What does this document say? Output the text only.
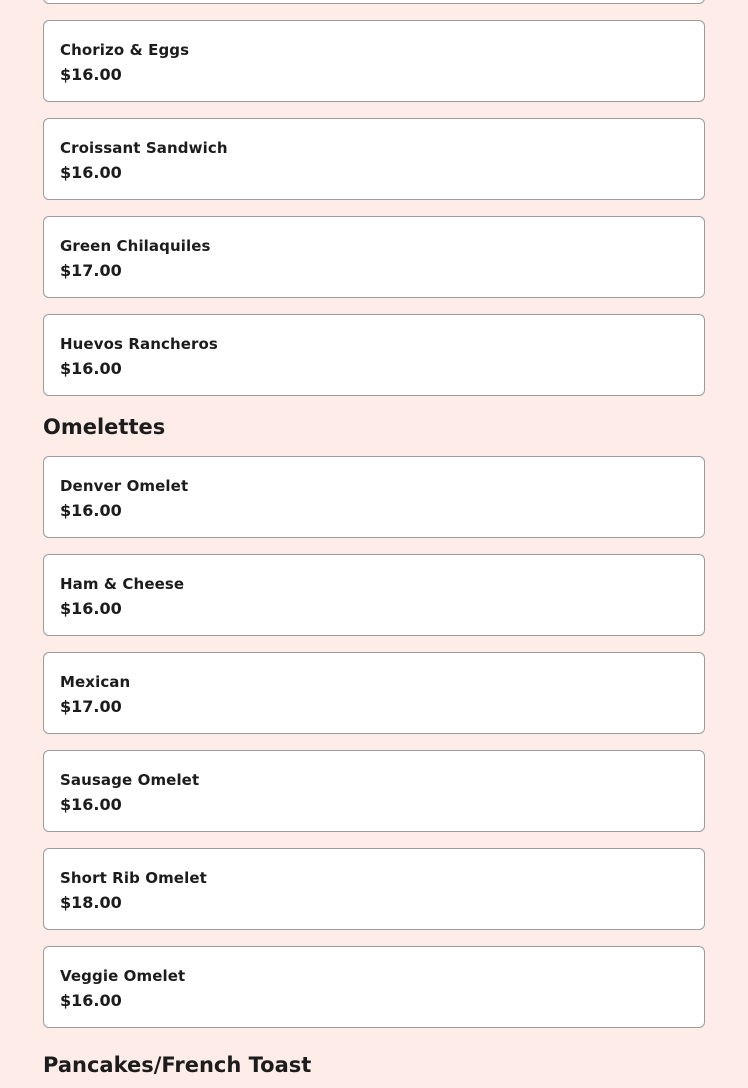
Chorizo & Eggs
$16.00
Croissant Sandwich
$16.00
Green Chilaquiles
$17.00
Huevos Rancheros
$16.00
Omelettes
Denver Omelet
$16.00
Ham & Cheese
$16.00
Mexican
$17.00
Sausage Omelet
$16.00
Short Rib Omelet
$18.00
Veggie Omelet
$16.00
Pancakes/French Toast
